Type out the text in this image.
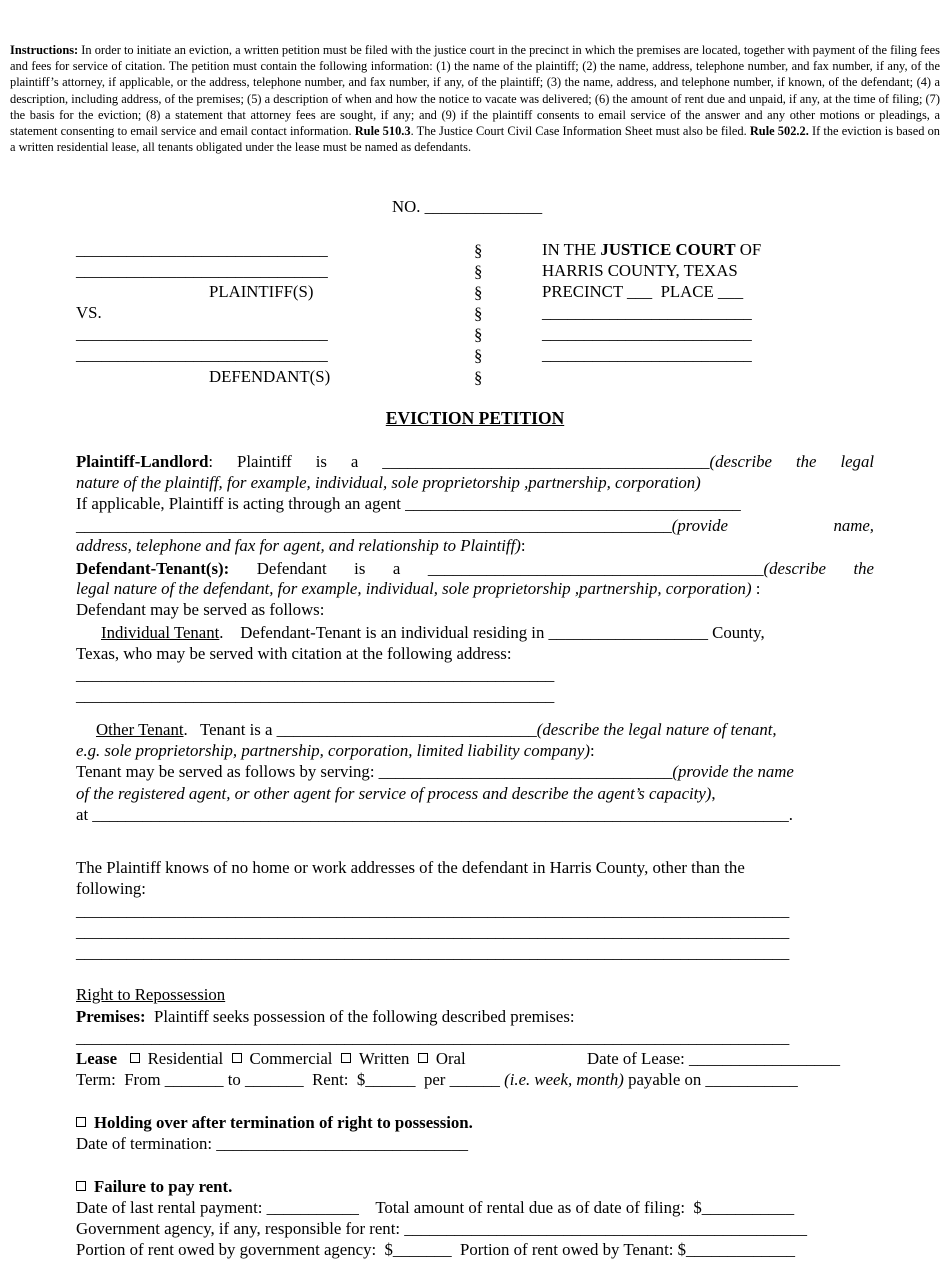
Instructions: In order to initiate an eviction, a written petition must be filed with the justice court in the precinct in which the premises are located, together with payment of the filing fees and fees for service of citation. The petition must contain the following information: (1) the name of the plaintiff; (2) the name, address, telephone number, and fax number, if any, of the plaintiff’s attorney, if applicable, or the address, telephone number, and fax number, if any, of the plaintiff; (3) the name, address, and telephone number, if known, of the defendant; (4) a description, including address, of the premises; (5) a description of when and how the notice to vacate was delivered; (6) the amount of rent due and unpaid, if any, at the time of filing; (7) the basis for the eviction; (8) a statement that attorney fees are sought, if any; and (9) if the plaintiff consents to email service of the answer and any other motions or pleadings, a statement consenting to email service and email contact information. Rule 510.3. The Justice Court Civil Case Information Sheet must also be filed. Rule 502.2. If the eviction is based on a written residential lease, all tenants obligated under the lease must be named as defendants.
NO. ______________
______________________________
______________________________
PLAINTIFF(S)
VS.
______________________________
______________________________
DEFENDANT(S)
§
§
§
§
§
§
§
IN THE JUSTICE COURT OF
HARRIS COUNTY, TEXAS
PRECINCT ___  PLACE ___
_________________________
_________________________
_________________________
EVICTION PETITION
Plaintiff-Landlord: Plaintiff is a _______________________________________(describe the legal
nature of the plaintiff, for example, individual, sole proprietorship ,partnership, corporation)
If applicable, Plaintiff is acting through an agent ________________________________________
_______________________________________________________________________(provide name,
address, telephone and fax for agent, and relationship to Plaintiff):
Defendant-Tenant(s): Defendant is a ________________________________________(describe the
legal nature of the defendant, for example, individual, sole proprietorship ,partnership, corporation) :
Defendant may be served as follows:
Individual Tenant.    Defendant-Tenant is an individual residing in ___________________ County,
Texas, who may be served with citation at the following address:
_________________________________________________________
_________________________________________________________
Other Tenant.   Tenant is a _______________________________(describe the legal nature of tenant,
e.g. sole proprietorship, partnership, corporation, limited liability company):
Tenant may be served as follows by serving: ___________________________________(provide the name
of the registered agent, or other agent for service of process and describe the agent’s capacity),
at ___________________________________________________________________________________.
The Plaintiff knows of no home or work addresses of the defendant in Harris County, other than the
following:
_____________________________________________________________________________________
_____________________________________________________________________________________
_____________________________________________________________________________________
Right to Repossession
Premises:  Plaintiff seeks possession of the following described premises:
_____________________________________________________________________________________
Lease Residential Commercial Written Oral	Date of Lease: __________________
Term:  From _______ to _______  Rent:  $______  per ______ (i.e. week, month) payable on ___________
Holding over after termination of right to possession.
Date of termination: ______________________________
Failure to pay rent.
Date of last rental payment: ___________    Total amount of rental due as of date of filing:  $___________
Government agency, if any, responsible for rent: ________________________________________________
Portion of rent owed by government agency:  $_______  Portion of rent owed by Tenant: $_____________
